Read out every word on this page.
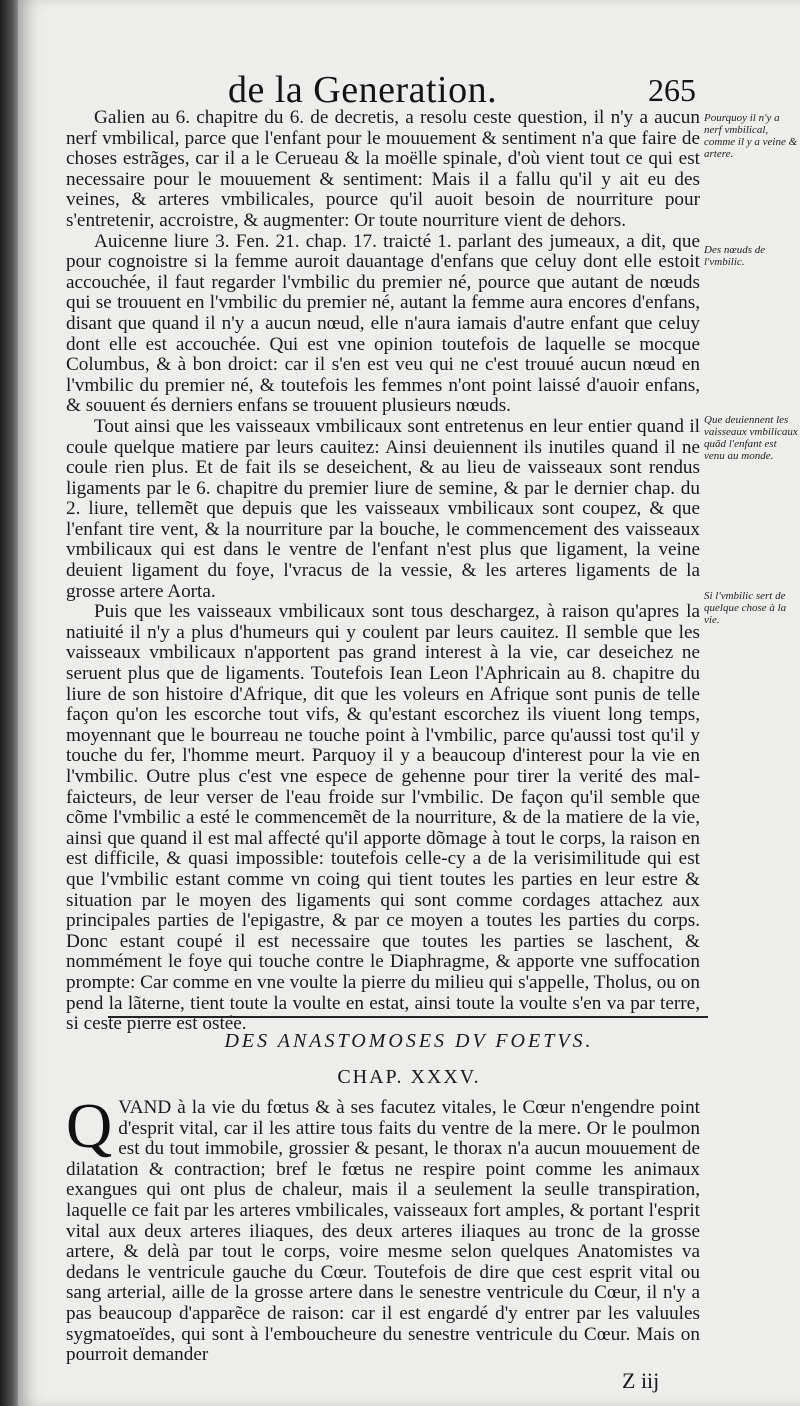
de la Generation.	265

Galien au 6. chapitre du 6. de decretis, a resolu ceste question, il n'y a aucun nerf vmbilical, parce que l'enfant pour le mouuement & sentiment n'a que faire de choses estrãges, car il a le Cerueau & la moëlle spinale, d'où vient tout ce qui est necessaire pour le mouuement & sentiment: Mais il a fallu qu'il y ait eu des veines, & arteres vmbilicales, pource qu'il auoit besoin de nourriture pour s'entretenir, accroistre, & augmenter: Or toute nourriture vient de dehors.

Auicenne liure 3. Fen. 21. chap. 17. traicté 1. parlant des jumeaux, a dit, que pour cognoistre si la femme auroit dauantage d'enfans que celuy dont elle estoit accouchée, il faut regarder l'vmbilic du premier né, pource que autant de nœuds qui se trouuent en l'vmbilic du premier né, autant la femme aura encores d'enfans, disant que quand il n'y a aucun nœud, elle n'aura iamais d'autre enfant que celuy dont elle est accouchée. Qui est vne opinion toutefois de laquelle se mocque Columbus, & à bon droict: car il s'en est veu qui ne c'est trouué aucun nœud en l'vmbilic du premier né, & toutefois les femmes n'ont point laissé d'auoir enfans, & souuent és derniers enfans se trouuent plusieurs nœuds.

Tout ainsi que les vaisseaux vmbilicaux sont entretenus en leur entier quand il coule quelque matiere par leurs cauitez: Ainsi deuiennent ils inutiles quand il ne coule rien plus. Et de fait ils se deseichent, & au lieu de vaisseaux sont rendus ligaments par le 6. chapitre du premier liure de semine, & par le dernier chap. du 2. liure, tellemẽt que depuis que les vaisseaux vmbilicaux sont coupez, & que l'enfant tire vent, & la nourriture par la bouche, le commencement des vaisseaux vmbilicaux qui est dans le ventre de l'enfant n'est plus que ligament, la veine deuient ligament du foye, l'vracus de la vessie, & les arteres ligaments de la grosse artere Aorta.

Puis que les vaisseaux vmbilicaux sont tous deschargez, à raison qu'apres la natiuité il n'y a plus d'humeurs qui y coulent par leurs cauitez. Il semble que les vaisseaux vmbilicaux n'apportent pas grand interest à la vie, car deseichez ne seruent plus que de ligaments. Toutefois Iean Leon l'Aphricain au 8. chapitre du liure de son histoire d'Afrique, dit que les voleurs en Afrique sont punis de telle façon qu'on les escorche tout vifs, & qu'estant escorchez ils viuent long temps, moyennant que le bourreau ne touche point à l'vmbilic, parce qu'aussi tost qu'il y touche du fer, l'homme meurt. Parquoy il y a beaucoup d'interest pour la vie en l'vmbilic. Outre plus c'est vne espece de gehenne pour tirer la verité des mal-faicteurs, de leur verser de l'eau froide sur l'vmbilic. De façon qu'il semble que cõme l'vmbilic a esté le commencemẽt de la nourriture, & de la matiere de la vie, ainsi que quand il est mal affecté qu'il apporte dõmage à tout le corps, la raison en est difficile, & quasi impossible: toutefois celle-cy a de la verisimilitude qui est que l'vmbilic estant comme vn coing qui tient toutes les parties en leur estre & situation par le moyen des ligaments qui sont comme cordages attachez aux principales parties de l'epigastre, & par ce moyen a toutes les parties du corps. Donc estant coupé il est necessaire que toutes les parties se laschent, & nommément le foye qui touche contre le Diaphragme, & apporte vne suffocation prompte: Car comme en vne voulte la pierre du milieu qui s'appelle, Tholus, ou on pend la lãterne, tient toute la voulte en estat, ainsi toute la voulte s'en va par terre, si ceste pierre est ostée.

Pourquoy il n'y a nerf vmbilical, comme il y a veine & artere.
Des nœuds de l'vmbilic.
Que deuiennent les vaisseaux vmbilicaux quãd l'enfant est venu au monde.
Si l'vmbilic sert de quelque chose à la vie.
DES ANASTOMOSES DV FOETVS.
CHAP. XXXV.
Q VAND à la vie du fœtus & à ses facutez vitales, le Cœur n'engendre point d'esprit vital, car il les attire tous faits du ventre de la mere. Or le poulmon est du tout immobile, grossier & pesant, le thorax n'a aucun mouuement de dilatation & contraction; bref le fœtus ne respire point comme les animaux exangues qui ont plus de chaleur, mais il a seulement la seulle transpiration, laquelle ce fait par les arteres vmbilicales, vaisseaux fort amples, & portant l'esprit vital aux deux arteres iliaques, des deux arteres iliaques au tronc de la grosse artere, & delà par tout le corps, voire mesme selon quelques Anatomistes va dedans le ventricule gauche du Cœur. Toutefois de dire que cest esprit vital ou sang arterial, aille de la grosse artere dans le senestre ventricule du Cœur, il n'y a pas beaucoup d'apparẽce de raison: car il est engardé d'y entrer par les valuules sygmatoeïdes, qui sont à l'emboucheure du senestre ventricule du Cœur. Mais on pourroit demander
Z iij
